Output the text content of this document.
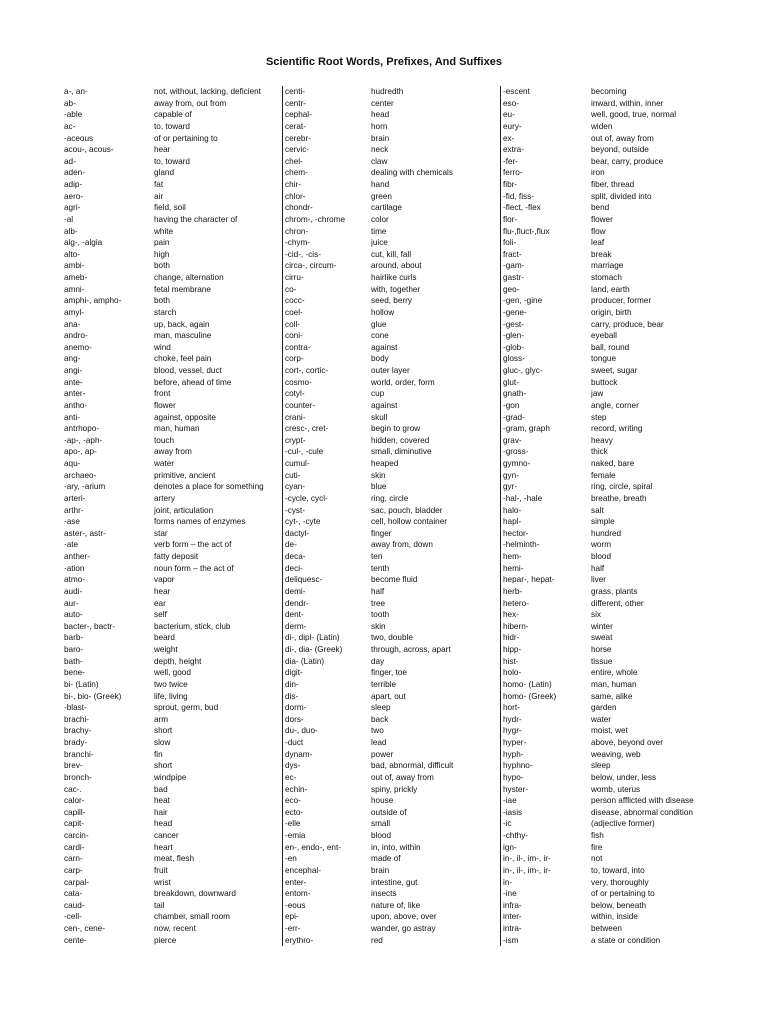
Scientific Root Words, Prefixes, And Suffixes
a-, an-	not, without, lacking, deficient
ab-	away from, out from
-able	capable of
ac-	to, toward
-aceous	of or pertaining to
acou-, acous-	hear
ad-	to, toward
aden-	gland
adip-	fat
aero-	air
agri-	field, soil
-al	having the character of
alb-	white
alg-, -algia	pain
alto-	high
ambi-	both
ameb-	change, alternation
amni-	fetal membrane
amphi-, ampho-	both
amyl-	starch
ana-	up, back, again
andro-	man, masculine
anemo-	wind
ang-	choke, feel pain
angi-	blood, vessel, duct
ante-	before, ahead of time
anter-	front
antho-	flower
anti-	against, opposite
antrhopo-	man, human
-ap-, -aph-	touch
apo-, ap-	away from
aqu-	water
archaeo-	primitive, ancient
-ary, -arium	denotes a place for something
arteri-	artery
arthr-	joint, articulation
-ase	forms names of enzymes
aster-, astr-	star
-ate	verb form – the act of
anther-	fatty deposit
-ation	noun form – the act of
atmo-	vapor
audi-	hear
aur-	ear
auto-	self
bacter-, bactr-	bacterium, stick, club
barb-	beard
baro-	weight
bath-	depth, height
bene-	well, good
bi- (Latin)	two twice
bi-, bio- (Greek)	life, living
-blast-	sprout, germ, bud
brachi-	arm
brachy-	short
brady-	slow
branchi-	fin
brev-	short
bronch-	windpipe
cac-.	bad
calor-	heat
capill-	hair
capit-	head
carcin-	cancer
cardi-	heart
carn-	meat, flesh
carp-	fruit
carpal-	wrist
cata-	breakdown, downward
caud-	tail
-cell-	chamber, small room
cen-, cene-	now, recent
cente-	pierce
centi-	hudredth
centr-	center
cephal-	head
cerat-	horn
cerebr-	brain
cervic-	neck
chel-	claw
chem-	dealing with chemicals
chir-	hand
chlor-	green
chondr-	cartilage
chrom-, -chrome	color
chron-	time
-chym-	juice
-cid-, -cis-	cut, kill, fall
circa-, circum-	around, about
cirru-	hairlike curls
co-	with, together
cocc-	seed, berry
coel-	hollow
coll-	glue
coni-	cone
contra-	against
corp-	body
cort-, cortic-	outer layer
cosmo-	world, order, form
cotyl-	cup
counter-	against
crani-	skull
cresc-, cret-	begin to grow
crypt-	hidden, covered
-cul-, -cule	small, diminutive
cumul-	heaped
cuti-	skin
cyan-	blue
-cycle, cycl-	ring, circle
-cyst-	sac, pouch, bladder
cyt-, -cyte	cell, hollow container
dactyl-	finger
de-	away from, down
deca-	ten
deci-	tenth
deliquesc-	become fluid
demi-	half
dendr-	tree
dent-	tooth
derm-	skin
di-, dipl- (Latin)	two, double
di-, dia- (Greek)	through, across, apart
dia- (Latin)	day
digit-	finger, toe
din-	terrible
dis-	apart, out
dorm-	sleep
dors-	back
du-, duo-	two
-duct	lead
dynam-	power
dys-	bad, abnormal, difficult
ec-	out of, away from
echin-	spiny, prickly
eco-	house
ecto-	outside of
-elle	small
-emia	blood
en-, endo-, ent-	in, into, within
-en	made of
encephal-	brain
enter-	intestine, gut
entom-	insects
-eous	nature of, like
epi-	upon, above, over
-err-	wander, go astray
erythro-	red
-escent	becoming
eso-	inward, within, inner
eu-	well, good, true, normal
eury-	widen
ex-	out of, away from
extra-	beyond, outside
-fer-	bear, carry, produce
ferro-	iron
fibr-	fiber, thread
-fid, fiss-	split, divided into
-flect, -flex	bend
flor-	flower
flu-,fluct-,flux	flow
foli-	leaf
fract-	break
-gam-	marriage
gastr-	stomach
geo-	land, earth
-gen, -gine	producer, former
-gene-	origin, birth
-gest-	carry, produce, bear
-glen-	eyeball
-glob-	ball, round
gloss-	tongue
gluc-, glyc-	sweet, sugar
glut-	buttock
gnath-	jaw
-gon	angle, corner
-grad-	step
-gram, graph	record, writing
grav-	heavy
-gross-	thick
gymno-	naked, bare
gyn-	female
gyr-	ring, circle, spiral
-hal-, -hale	breathe, breath
halo-	salt
hapl-	simple
hector-	hundred
-helminth-	worm
hem-	blood
hemi-	half
hepar-, hepat-	liver
herb-	grass, plants
hetero-	different, other
hex-	six
hibern-	winter
hidr-	sweat
hipp-	horse
hist-	tissue
holo-	entire, whole
homo- (Latin)	man, human
homo- (Greek)	same, alike
hort-	garden
hydr-	water
hygr-	moist, wet
hyper-	above, beyond over
hyph-	weaving, web
hyphno-	sleep
hypo-	below, under, less
hyster-	womb, uterus
-iae	person afflicted with disease
-iasis	disease, abnormal condition
-ic	(adjective former)
-chthy-	fish
ign-	fire
in-, il-, im-, ir-	not
in-, il-, im-, ir-	to, toward, into
in-	very, thoroughly
-ine	of or pertaining to
infra-	below, beneath
inter-	within, inside
intra-	between
-ism	a state or condition
